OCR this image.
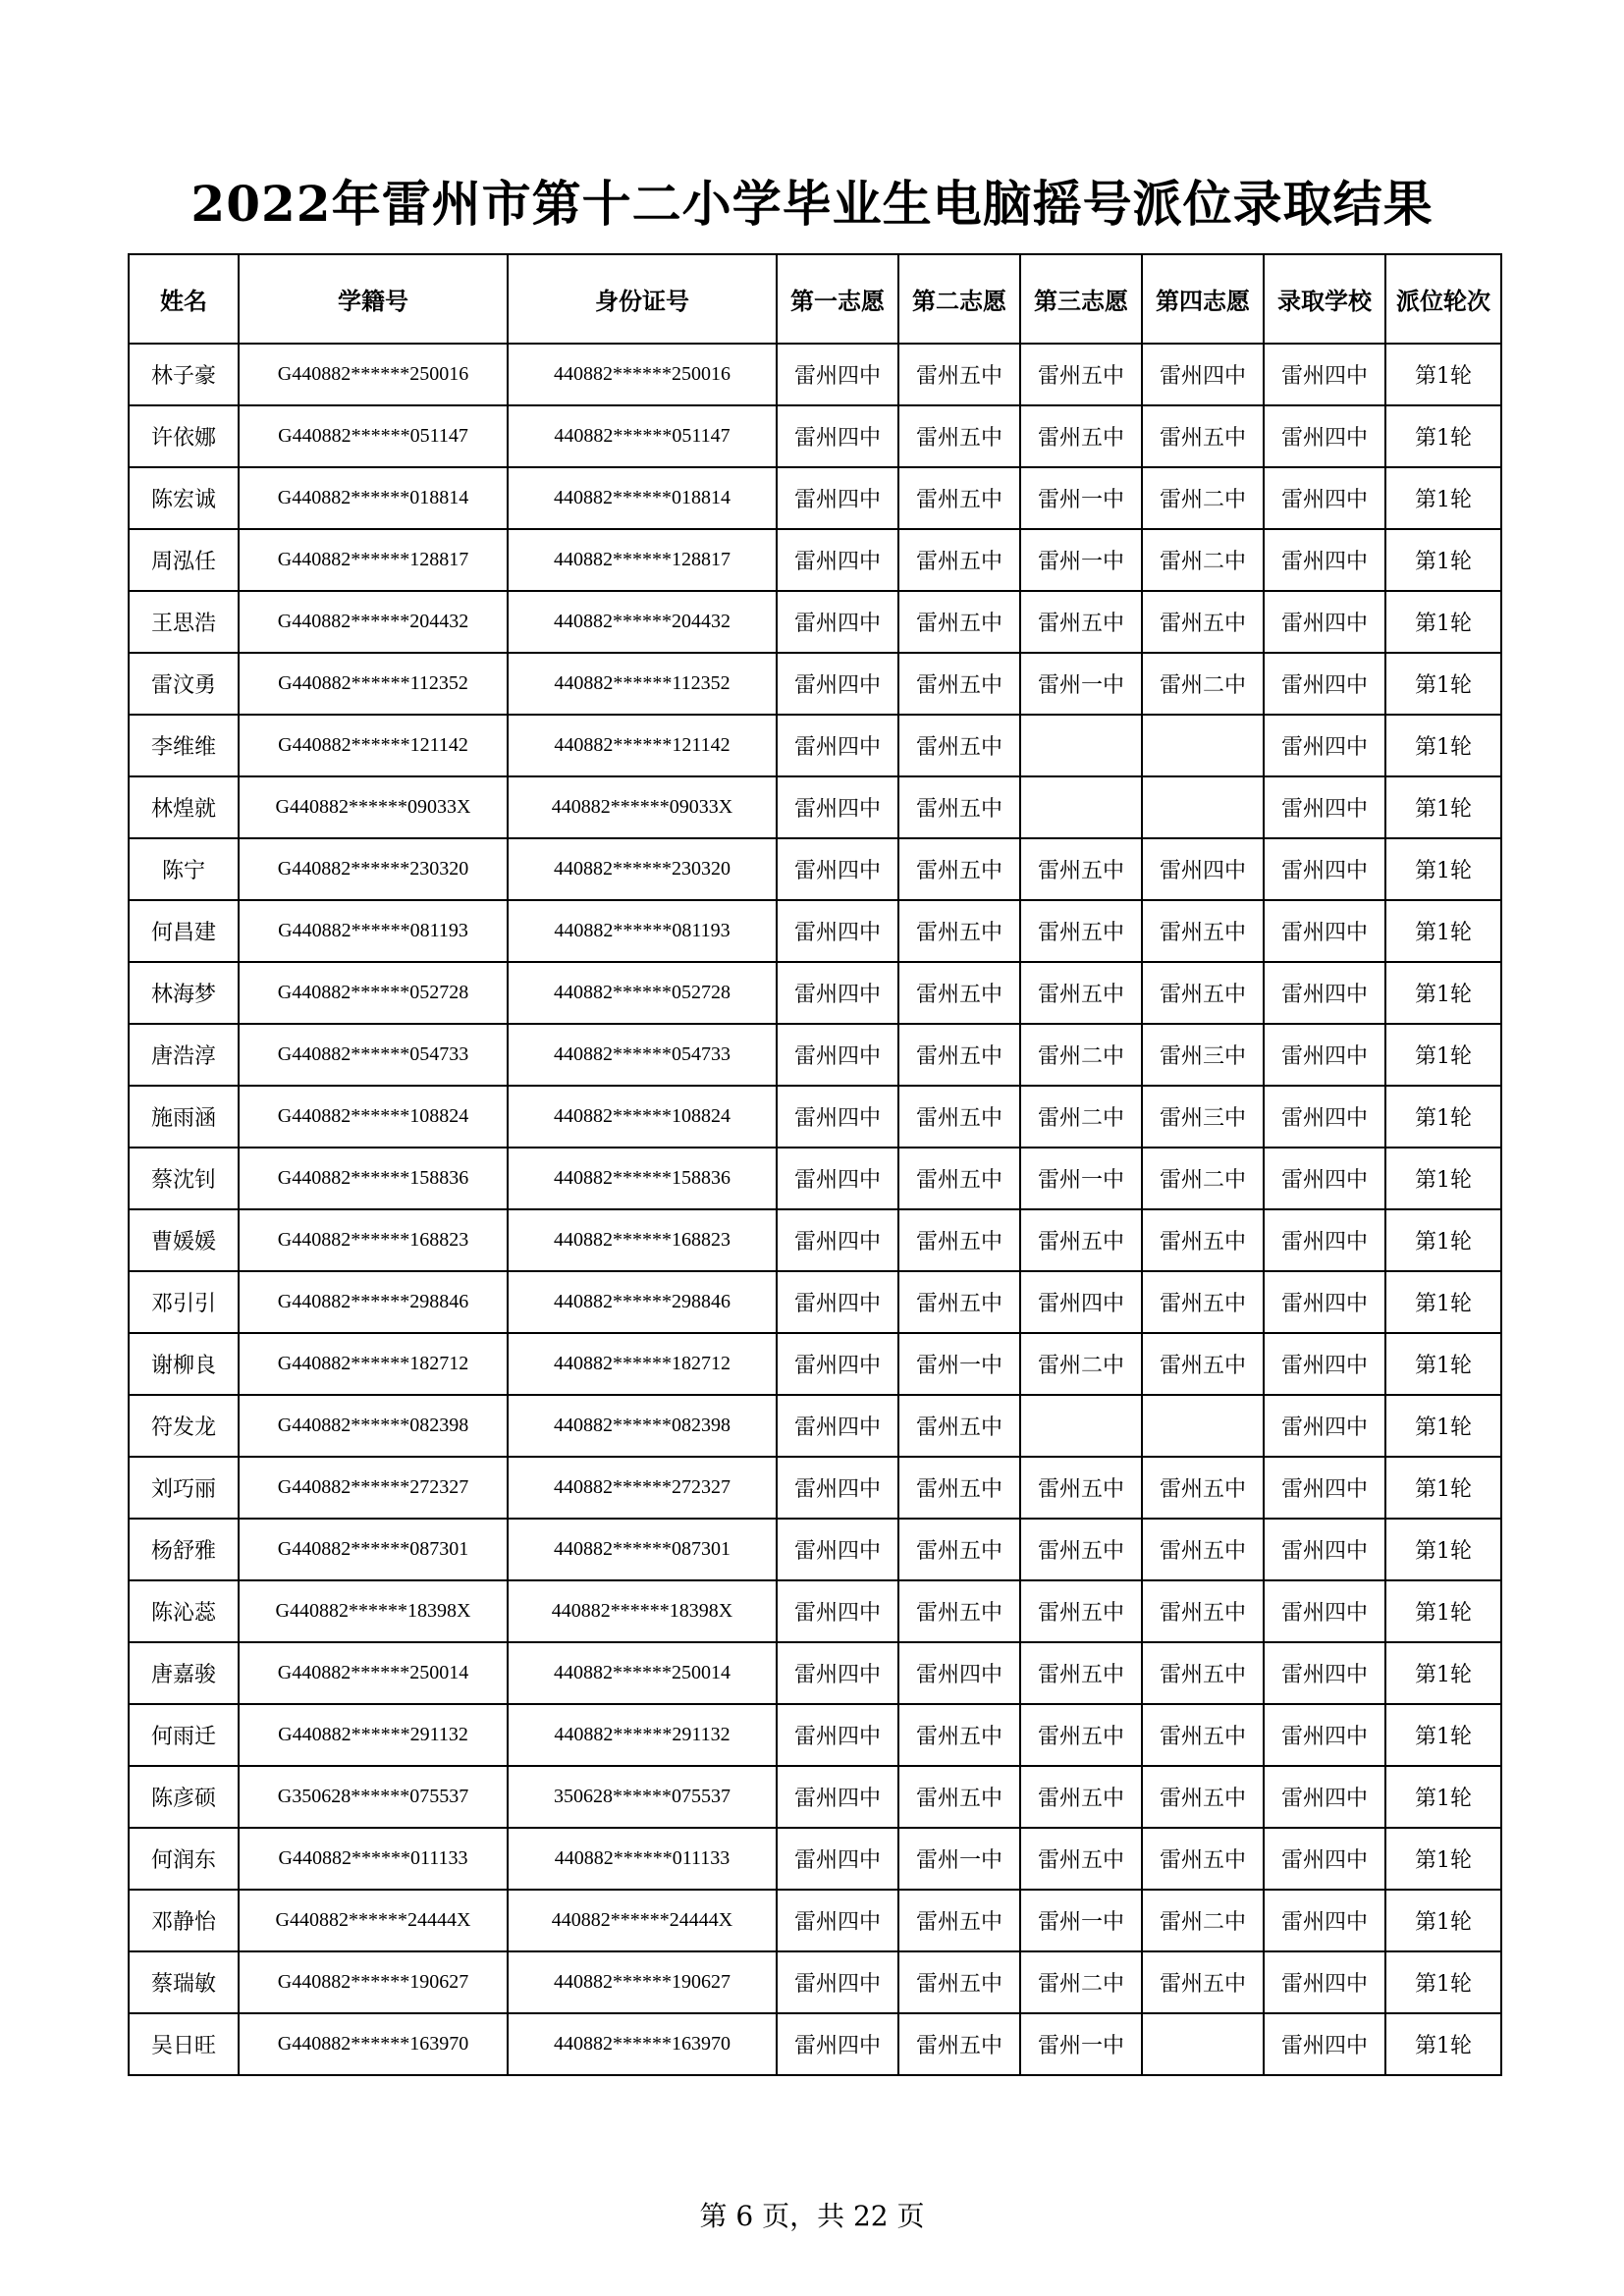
2022年雷州市第十二小学毕业生电脑摇号派位录取结果
姓名	学籍号	身份证号	第一志愿	第二志愿	第三志愿	第四志愿	录取学校	派位轮次
林子豪	G440882******250016	440882******250016	雷州四中	雷州五中	雷州五中	雷州四中	雷州四中	第1轮
许依娜	G440882******051147	440882******051147	雷州四中	雷州五中	雷州五中	雷州五中	雷州四中	第1轮
陈宏诚	G440882******018814	440882******018814	雷州四中	雷州五中	雷州一中	雷州二中	雷州四中	第1轮
周泓任	G440882******128817	440882******128817	雷州四中	雷州五中	雷州一中	雷州二中	雷州四中	第1轮
王思浩	G440882******204432	440882******204432	雷州四中	雷州五中	雷州五中	雷州五中	雷州四中	第1轮
雷汶勇	G440882******112352	440882******112352	雷州四中	雷州五中	雷州一中	雷州二中	雷州四中	第1轮
李维维	G440882******121142	440882******121142	雷州四中	雷州五中			雷州四中	第1轮
林煌就	G440882******09033X	440882******09033X	雷州四中	雷州五中			雷州四中	第1轮
陈宁	G440882******230320	440882******230320	雷州四中	雷州五中	雷州五中	雷州四中	雷州四中	第1轮
何昌建	G440882******081193	440882******081193	雷州四中	雷州五中	雷州五中	雷州五中	雷州四中	第1轮
林海梦	G440882******052728	440882******052728	雷州四中	雷州五中	雷州五中	雷州五中	雷州四中	第1轮
唐浩淳	G440882******054733	440882******054733	雷州四中	雷州五中	雷州二中	雷州三中	雷州四中	第1轮
施雨涵	G440882******108824	440882******108824	雷州四中	雷州五中	雷州二中	雷州三中	雷州四中	第1轮
蔡沈钊	G440882******158836	440882******158836	雷州四中	雷州五中	雷州一中	雷州二中	雷州四中	第1轮
曹媛媛	G440882******168823	440882******168823	雷州四中	雷州五中	雷州五中	雷州五中	雷州四中	第1轮
邓引引	G440882******298846	440882******298846	雷州四中	雷州五中	雷州四中	雷州五中	雷州四中	第1轮
谢柳良	G440882******182712	440882******182712	雷州四中	雷州一中	雷州二中	雷州五中	雷州四中	第1轮
符发龙	G440882******082398	440882******082398	雷州四中	雷州五中			雷州四中	第1轮
刘巧丽	G440882******272327	440882******272327	雷州四中	雷州五中	雷州五中	雷州五中	雷州四中	第1轮
杨舒雅	G440882******087301	440882******087301	雷州四中	雷州五中	雷州五中	雷州五中	雷州四中	第1轮
陈沁蕊	G440882******18398X	440882******18398X	雷州四中	雷州五中	雷州五中	雷州五中	雷州四中	第1轮
唐嘉骏	G440882******250014	440882******250014	雷州四中	雷州四中	雷州五中	雷州五中	雷州四中	第1轮
何雨迁	G440882******291132	440882******291132	雷州四中	雷州五中	雷州五中	雷州五中	雷州四中	第1轮
陈彦硕	G350628******075537	350628******075537	雷州四中	雷州五中	雷州五中	雷州五中	雷州四中	第1轮
何润东	G440882******011133	440882******011133	雷州四中	雷州一中	雷州五中	雷州五中	雷州四中	第1轮
邓静怡	G440882******24444X	440882******24444X	雷州四中	雷州五中	雷州一中	雷州二中	雷州四中	第1轮
蔡瑞敏	G440882******190627	440882******190627	雷州四中	雷州五中	雷州二中	雷州五中	雷州四中	第1轮
吴日旺	G440882******163970	440882******163970	雷州四中	雷州五中	雷州一中		雷州四中	第1轮
第 6 页，共 22 页
